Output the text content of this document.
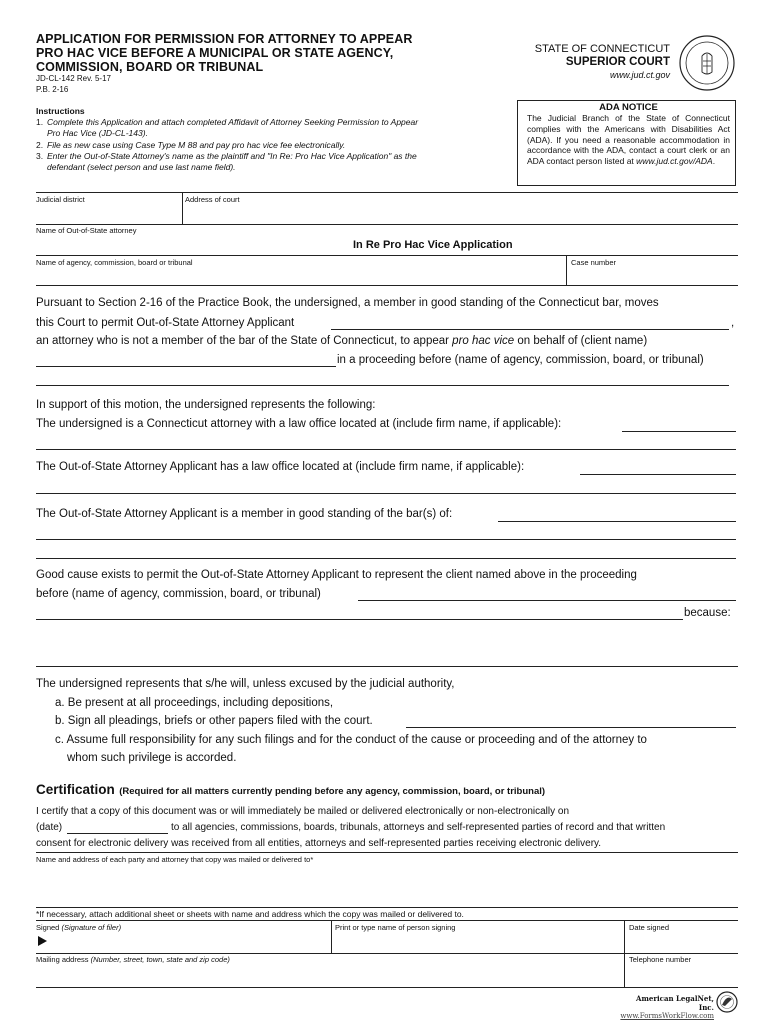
APPLICATION FOR PERMISSION FOR ATTORNEY TO APPEAR
PRO HAC VICE BEFORE A MUNICIPAL OR STATE AGENCY,
COMMISSION, BOARD OR TRIBUNAL
JD-CL-142 Rev. 5-17
P.B. 2-16
STATE OF CONNECTICUT
SUPERIOR COURT
www.jud.ct.gov
Instructions
1. Complete this Application and attach completed Affidavit of Attorney Seeking Permission to Appear Pro Hac Vice (JD-CL-143).
2. File as new case using Case Type M 88 and pay pro hac vice fee electronically.
3. Enter the Out-of-State Attorney's name as the plaintiff and "In Re: Pro Hac Vice Application" as the defendant (select person and use last name field).
ADA NOTICE
The Judicial Branch of the State of Connecticut complies with the Americans with Disabilities Act (ADA). If you need a reasonable accommodation in accordance with the ADA, contact a court clerk or an ADA contact person listed at www.jud.ct.gov/ADA.
Judicial district	Address of court
Name of Out-of-State attorney
In Re Pro Hac Vice Application
Name of agency, commission, board or tribunal	Case number
Pursuant to Section 2-16 of the Practice Book, the undersigned, a member in good standing of the Connecticut bar, moves
this Court to permit Out-of-State Attorney Applicant	,
an attorney who is not a member of the bar of the State of Connecticut, to appear pro hac vice on behalf of (client name)
in a proceeding before (name of agency, commission, board, or tribunal)
In support of this motion, the undersigned represents the following:
The undersigned is a Connecticut attorney with a law office located at (include firm name, if applicable):
The Out-of-State Attorney Applicant has a law office located at (include firm name, if applicable):
The Out-of-State Attorney Applicant is a member in good standing of the bar(s) of:
Good cause exists to permit the Out-of-State Attorney Applicant to represent the client named above in the proceeding
before (name of agency, commission, board, or tribunal)
because:
The undersigned represents that s/he will, unless excused by the judicial authority,
a. Be present at all proceedings, including depositions,
b. Sign all pleadings, briefs or other papers filed with the court.
c. Assume full responsibility for any such filings and for the conduct of the cause or proceeding and of the attorney to
whom such privilege is accorded.
Certification (Required for all matters currently pending before any agency, commission, board, or tribunal)
I certify that a copy of this document was or will immediately be mailed or delivered electronically or non-electronically on
(date)	to all agencies, commissions, boards, tribunals, attorneys and self-represented parties of record and that written
consent for electronic delivery was received from all entities, attorneys and self-represented parties receiving electronic delivery.
Name and address of each party and attorney that copy was mailed or delivered to*
*If necessary, attach additional sheet or sheets with name and address which the copy was mailed or delivered to.
Signed (Signature of filer)	Print or type name of person signing	Date signed
Mailing address (Number, street, town, state and zip code)	Telephone number
American LegalNet, Inc.
www.FormsWorkFlow.com
